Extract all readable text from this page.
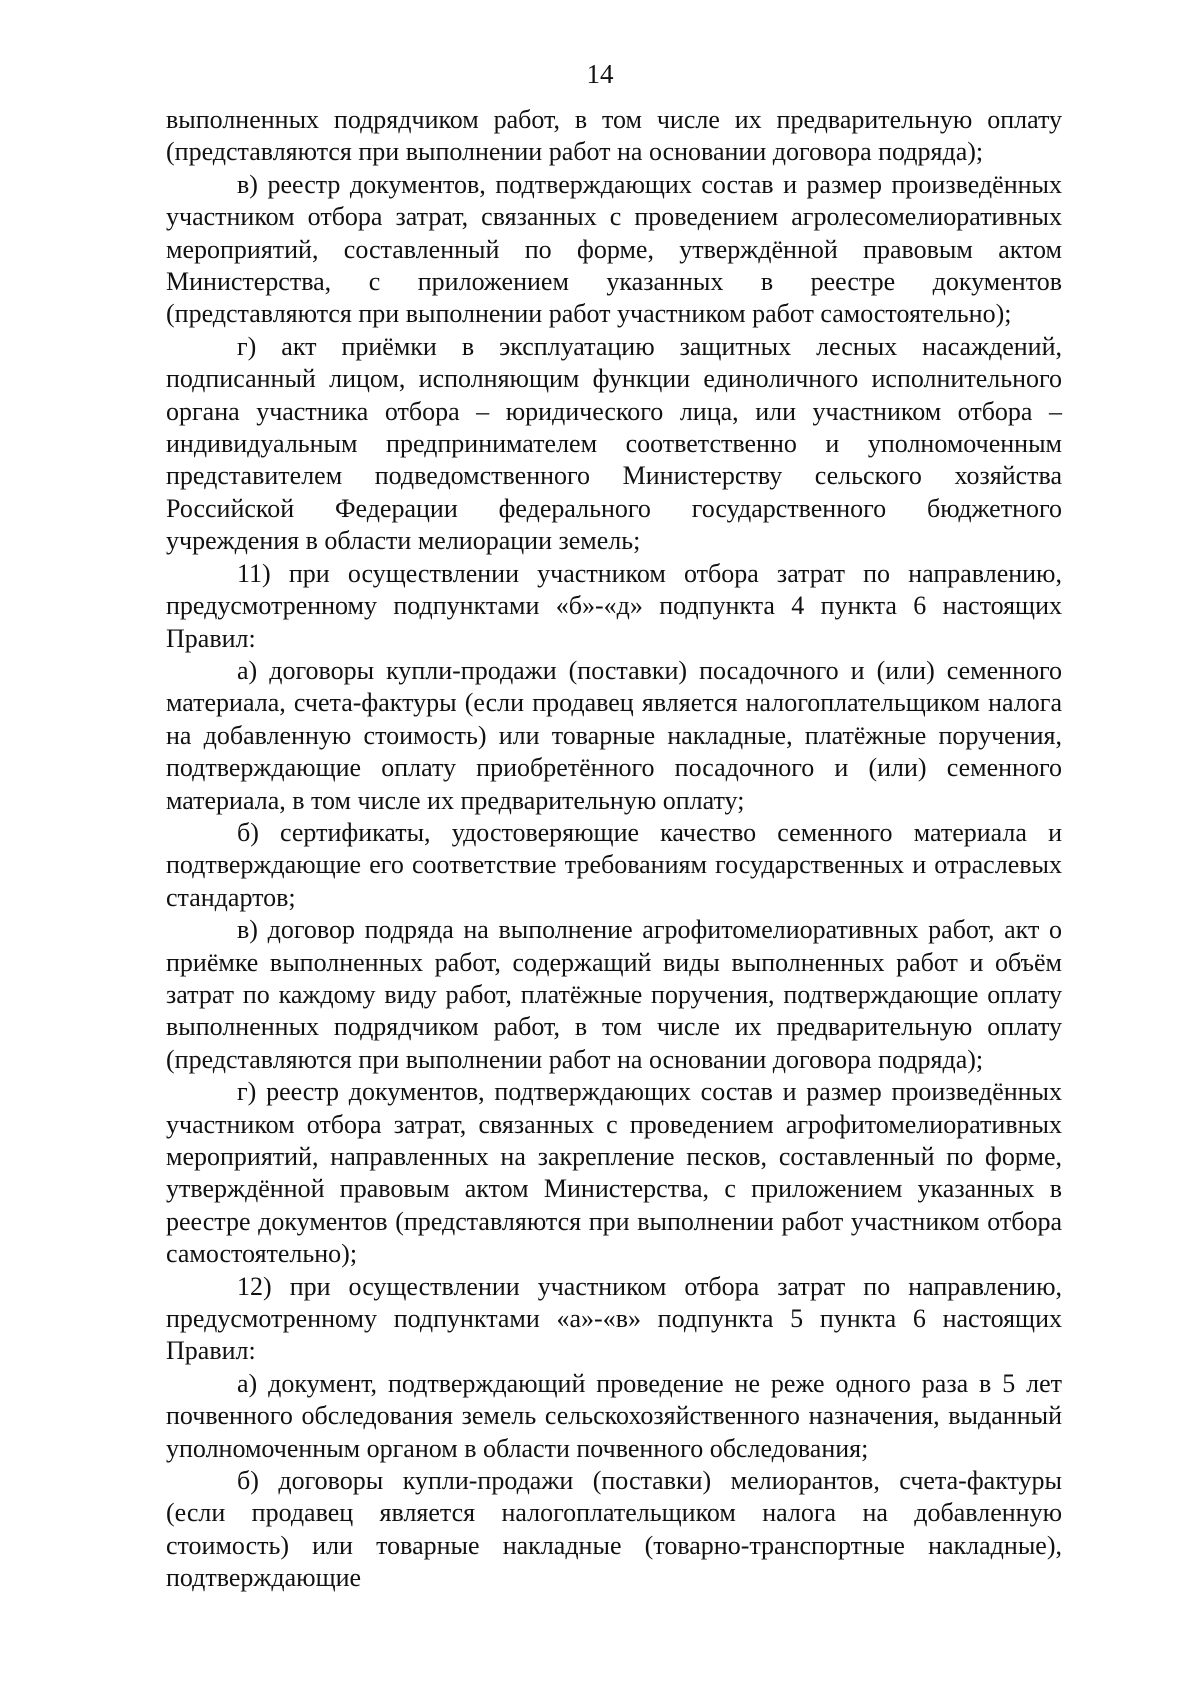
14

выполненных подрядчиком работ, в том числе их предварительную оплату (представляются при выполнении работ на основании договора подряда);

в) реестр документов, подтверждающих состав и размер произведённых участником отбора затрат, связанных с проведением агролесомелиоративных мероприятий, составленный по форме, утверждённой правовым актом Министерства, с приложением указанных в реестре документов (представляются при выполнении работ участником работ самостоятельно);

г) акт приёмки в эксплуатацию защитных лесных насаждений, подписанный лицом, исполняющим функции единоличного исполнительного органа участника отбора – юридического лица, или участником отбора – индивидуальным предпринимателем соответственно и уполномоченным представителем подведомственного Министерству сельского хозяйства Российской Федерации федерального государственного бюджетного учреждения в области мелиорации земель;

11) при осуществлении участником отбора затрат по направлению, предусмотренному подпунктами «б»-«д» подпункта 4 пункта 6 настоящих Правил:

а) договоры купли-продажи (поставки) посадочного и (или) семенного материала, счета-фактуры (если продавец является налогоплательщиком налога на добавленную стоимость) или товарные накладные, платёжные поручения, подтверждающие оплату приобретённого посадочного и (или) семенного материала, в том числе их предварительную оплату;

б) сертификаты, удостоверяющие качество семенного материала и подтверждающие его соответствие требованиям государственных и отраслевых стандартов;

в) договор подряда на выполнение агрофитомелиоративных работ, акт о приёмке выполненных работ, содержащий виды выполненных работ и объём затрат по каждому виду работ, платёжные поручения, подтверждающие оплату выполненных подрядчиком работ, в том числе их предварительную оплату (представляются при выполнении работ на основании договора подряда);

г) реестр документов, подтверждающих состав и размер произведённых участником отбора затрат, связанных с проведением агрофитомелиоративных мероприятий, направленных на закрепление песков, составленный по форме, утверждённой правовым актом Министерства, с приложением указанных в реестре документов (представляются при выполнении работ участником отбора самостоятельно);

12) при осуществлении участником отбора затрат по направлению, предусмотренному подпунктами «а»-«в» подпункта 5 пункта 6 настоящих Правил:

а) документ, подтверждающий проведение не реже одного раза в 5 лет почвенного обследования земель сельскохозяйственного назначения, выданный уполномоченным органом в области почвенного обследования;

б) договоры купли-продажи (поставки) мелиорантов, счета-фактуры (если продавец является налогоплательщиком налога на добавленную стоимость) или товарные накладные (товарно-транспортные накладные), подтверждающие
